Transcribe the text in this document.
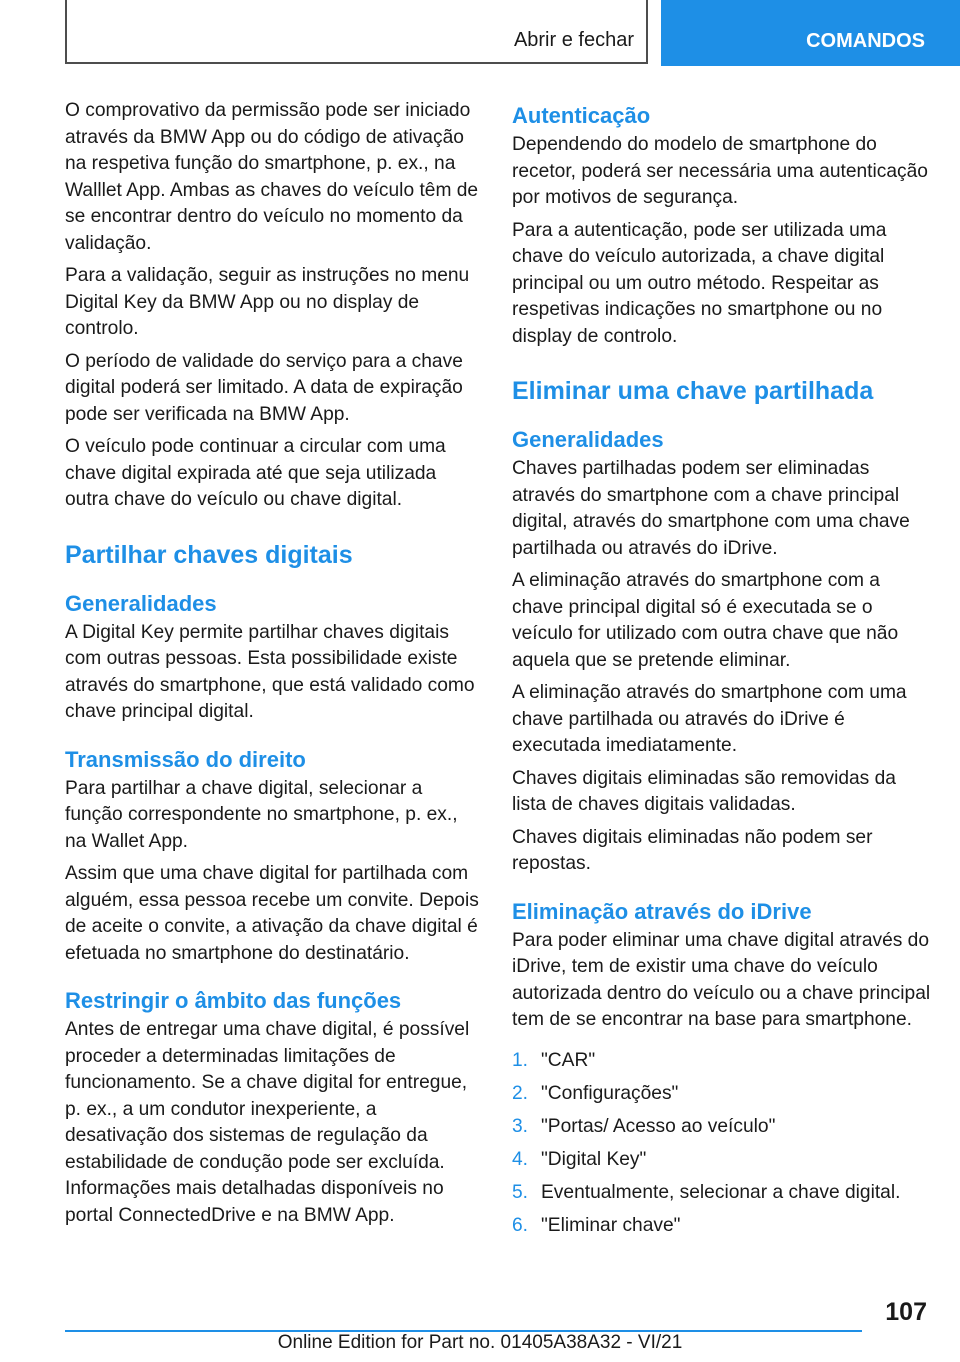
Abrir e fechar	COMANDOS

O comprovativo da permissão pode ser iniciado através da BMW App ou do código de ativação na respetiva função do smartphone, p. ex., na Walllet App. Ambas as chaves do veículo têm de se encontrar dentro do veículo no momento da validação.

Para a validação, seguir as instruções no menu Digital Key da BMW App ou no display de controlo.

O período de validade do serviço para a chave digital poderá ser limitado. A data de expiração pode ser verificada na BMW App.

O veículo pode continuar a circular com uma chave digital expirada até que seja utilizada outra chave do veículo ou chave digital.

Partilhar chaves digitais
Generalidades

A Digital Key permite partilhar chaves digitais com outras pessoas. Esta possibilidade existe através do smartphone, que está validado como chave principal digital.

Transmissão do direito

Para partilhar a chave digital, selecionar a função correspondente no smartphone, p. ex., na Wallet App.

Assim que uma chave digital for partilhada com alguém, essa pessoa recebe um convite. Depois de aceite o convite, a ativação da chave digital é efetuada no smartphone do destinatário.

Restringir o âmbito das funções

Antes de entregar uma chave digital, é possível proceder a determinadas limitações de funcionamento. Se a chave digital for entregue, p. ex., a um condutor inexperiente, a desativação dos sistemas de regulação da estabilidade de condução pode ser excluída. Informações mais detalhadas disponíveis no portal ConnectedDrive e na BMW App.

Autenticação

Dependendo do modelo de smartphone do recetor, poderá ser necessária uma autenticação por motivos de segurança.

Para a autenticação, pode ser utilizada uma chave do veículo autorizada, a chave digital principal ou um outro método. Respeitar as respetivas indicações no smartphone ou no display de controlo.

Eliminar uma chave partilhada
Generalidades

Chaves partilhadas podem ser eliminadas através do smartphone com a chave principal digital, através do smartphone com uma chave partilhada ou através do iDrive.

A eliminação através do smartphone com a chave principal digital só é executada se o veículo for utilizado com outra chave que não aquela que se pretende eliminar.

A eliminação através do smartphone com uma chave partilhada ou através do iDrive é executada imediatamente.

Chaves digitais eliminadas são removidas da lista de chaves digitais validadas.

Chaves digitais eliminadas não podem ser repostas.

Eliminação através do iDrive

Para poder eliminar uma chave digital através do iDrive, tem de existir uma chave do veículo autorizada dentro do veículo ou a chave principal tem de se encontrar na base para smartphone.

1. "CAR"
2. "Configurações"
3. "Portas/ Acesso ao veículo"
4. "Digital Key"
5. Eventualmente, selecionar a chave digital.
6. "Eliminar chave"
107
Online Edition for Part no. 01405A38A32 - VI/21
